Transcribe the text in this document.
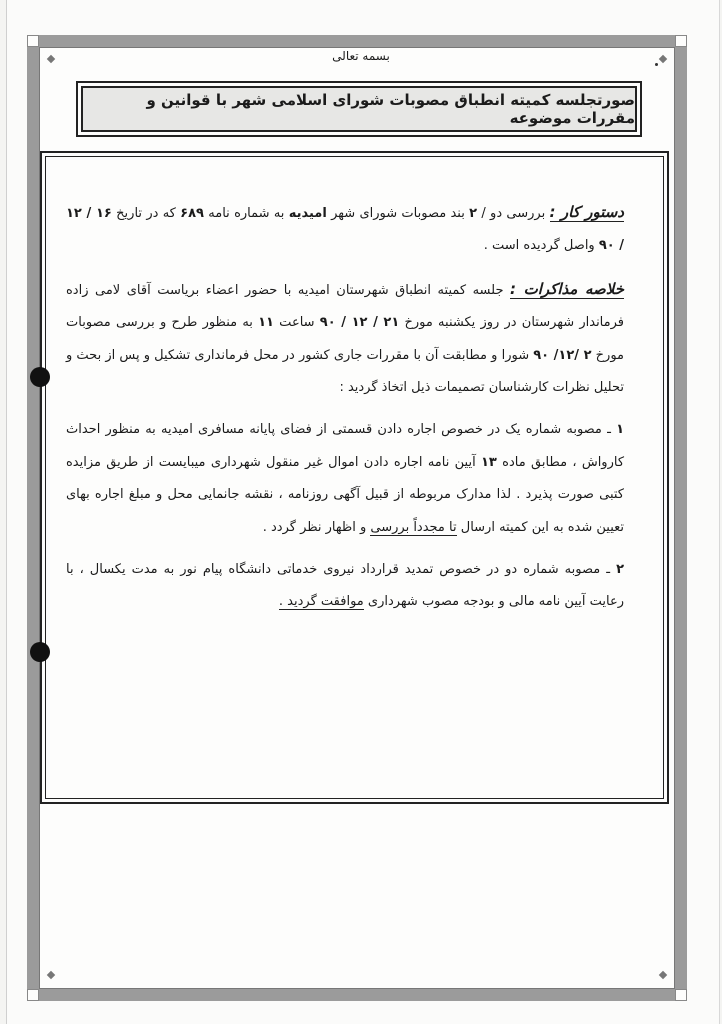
بسمه تعالی
صورتجلسه کمیته انطباق مصوبات شورای اسلامی شهر با قوانین و مقررات موضوعه

دستور کار : بررسی دو / ۲ بند مصوبات شورای شهر امیدیه به شماره نامه ۶۸۹ که در تاریخ ۱۶ / ۱۲ / ۹۰ واصل گردیده است .

خلاصه مذاکرات : جلسه کمیته انطباق شهرستان امیدیه با حضور اعضاء بریاست آقای لامی زاده فرماندار شهرستان در روز یکشنبه مورخ ۲۱ / ۱۲ / ۹۰ ساعت ۱۱ به منظور طرح و بررسی مصوبات مورخ ۲ /۱۲/ ۹۰ شورا و مطابقت آن با مقررات جاری کشور در محل فرمانداری تشکیل و پس از بحث و تحلیل نظرات کارشناسان تصمیمات ذیل اتخاذ گردید :

۱ ـ مصوبه شماره یک در خصوص اجاره دادن قسمتی از فضای پایانه مسافری امیدیه به منظور احداث کارواش ، مطابق ماده ۱۳ آیین نامه اجاره دادن اموال غیر منقول شهرداری میبایست از طریق مزایده کتبی صورت پذیرد . لذا مدارک مربوطه از قبیل آگهی روزنامه ، نقشه جانمایی محل و مبلغ اجاره بهای تعیین شده به این کمیته ارسال تا مجدداً بررسی و اظهار نظر گردد .

۲ ـ مصوبه شماره دو در خصوص تمدید قرارداد نیروی خدماتی دانشگاه پیام نور به مدت یکسال ، با رعایت آیین نامه مالی و بودجه مصوب شهرداری موافقت گردید .
